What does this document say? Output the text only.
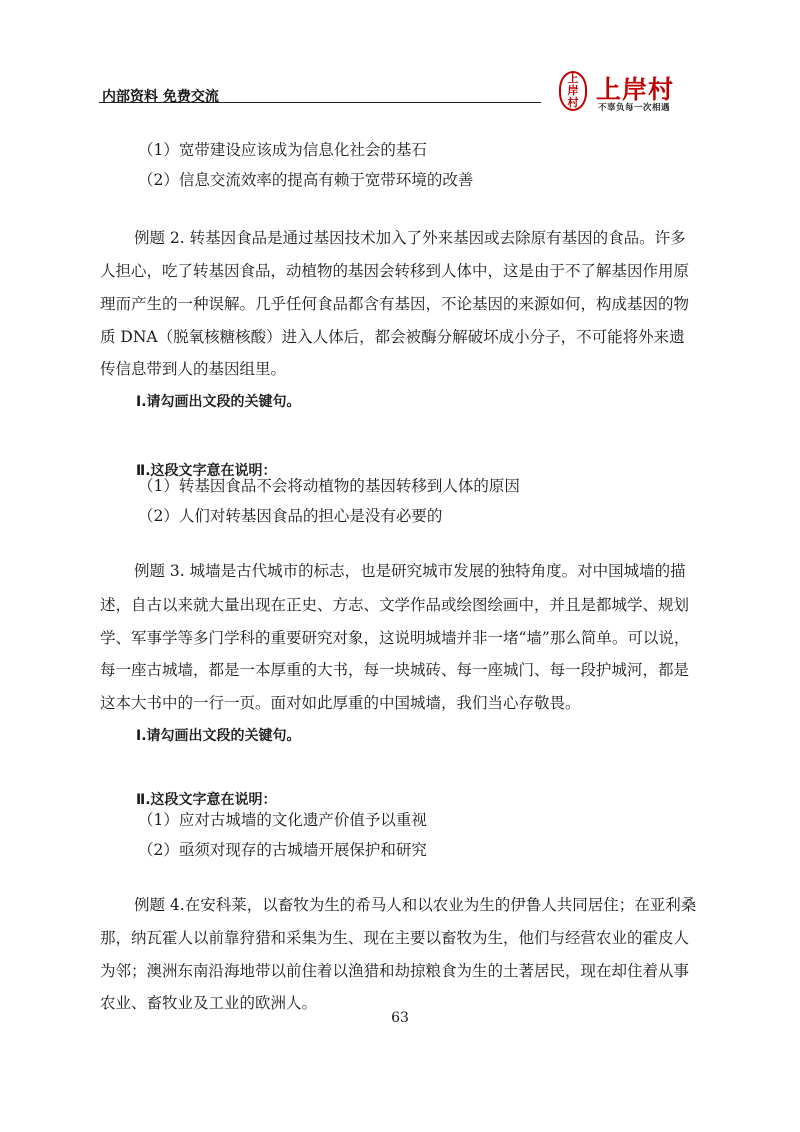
内部资料 免费交流
上
岸
村 上岸村
不辜负每一次相遇
（1）宽带建设应该成为信息化社会的基石
（2）信息交流效率的提高有赖于宽带环境的改善
例题 2. 转基因食品是通过基因技术加入了外来基因或去除原有基因的食品。许多
人担心，吃了转基因食品，动植物的基因会转移到人体中，这是由于不了解基因作用原
理而产生的一种误解。几乎任何食品都含有基因，不论基因的来源如何，构成基因的物
质 DNA（脱氧核糖核酸）进入人体后，都会被酶分解破坏成小分子，不可能将外来遗
传信息带到人的基因组里。
Ⅰ.请勾画出文段的关键句。
Ⅱ.这段文字意在说明：
（1）转基因食品不会将动植物的基因转移到人体的原因
（2）人们对转基因食品的担心是没有必要的
例题 3. 城墙是古代城市的标志，也是研究城市发展的独特角度。对中国城墙的描
述，自古以来就大量出现在正史、方志、文学作品或绘图绘画中，并且是都城学、规划
学、军事学等多门学科的重要研究对象，这说明城墙并非一堵“墙”那么简单。可以说，
每一座古城墙，都是一本厚重的大书，每一块城砖、每一座城门、每一段护城河，都是
这本大书中的一行一页。面对如此厚重的中国城墙，我们当心存敬畏。
Ⅰ.请勾画出文段的关键句。
Ⅱ.这段文字意在说明：
（1）应对古城墙的文化遗产价值予以重视
（2）亟须对现存的古城墙开展保护和研究
例题 4.在安科莱，以畜牧为生的希马人和以农业为生的伊鲁人共同居住；在亚利桑
那，纳瓦霍人以前靠狩猎和采集为生、现在主要以畜牧为生，他们与经营农业的霍皮人
为邻；澳洲东南沿海地带以前住着以渔猎和劫掠粮食为生的土著居民，现在却住着从事
农业、畜牧业及工业的欧洲人。
63
